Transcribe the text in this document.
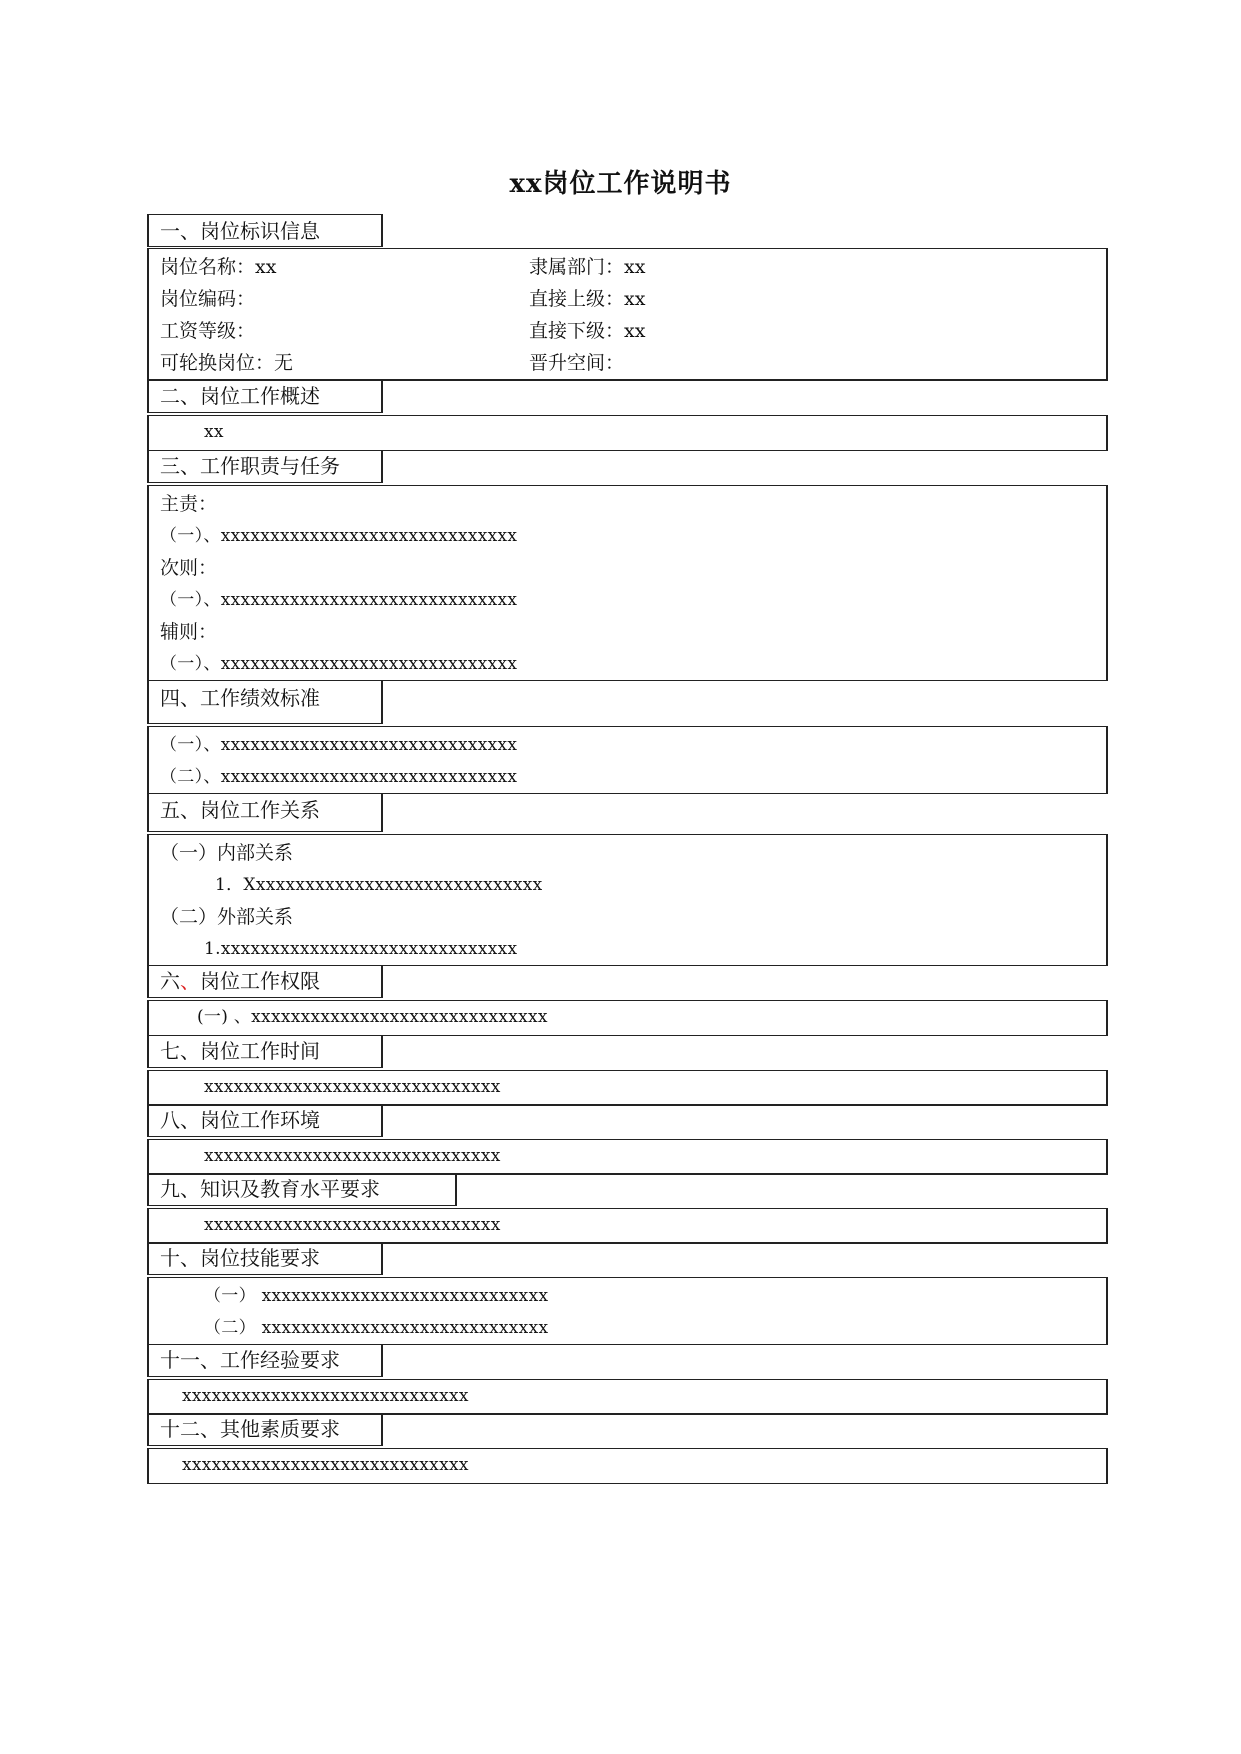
xx岗位工作说明书
一、岗位标识信息
岗位名称：xx	隶属部门：xx
岗位编码：	直接上级：xx
工资等级：	直接下级：xx
可轮换岗位：无	晋升空间：
二、岗位工作概述
xx
三、工作职责与任务
主责：
（一）、xxxxxxxxxxxxxxxxxxxxxxxxxxxxxx
次则：
（一）、xxxxxxxxxxxxxxxxxxxxxxxxxxxxxx
辅则：
（一）、xxxxxxxxxxxxxxxxxxxxxxxxxxxxxx
四、工作绩效标准
（一）、xxxxxxxxxxxxxxxxxxxxxxxxxxxxxx
（二）、xxxxxxxxxxxxxxxxxxxxxxxxxxxxxx
五、岗位工作关系
（一）内部关系
1．Xxxxxxxxxxxxxxxxxxxxxxxxxxxxxx
（二）外部关系
1.xxxxxxxxxxxxxxxxxxxxxxxxxxxxxx
六、岗位工作权限
(一) 、xxxxxxxxxxxxxxxxxxxxxxxxxxxxxx
七、岗位工作时间
xxxxxxxxxxxxxxxxxxxxxxxxxxxxxx
八、岗位工作环境
xxxxxxxxxxxxxxxxxxxxxxxxxxxxxx
九、知识及教育水平要求
xxxxxxxxxxxxxxxxxxxxxxxxxxxxxx
十、岗位技能要求
（一） xxxxxxxxxxxxxxxxxxxxxxxxxxxxx
（二） xxxxxxxxxxxxxxxxxxxxxxxxxxxxx
十一、工作经验要求
xxxxxxxxxxxxxxxxxxxxxxxxxxxxx
十二、其他素质要求
xxxxxxxxxxxxxxxxxxxxxxxxxxxxx
